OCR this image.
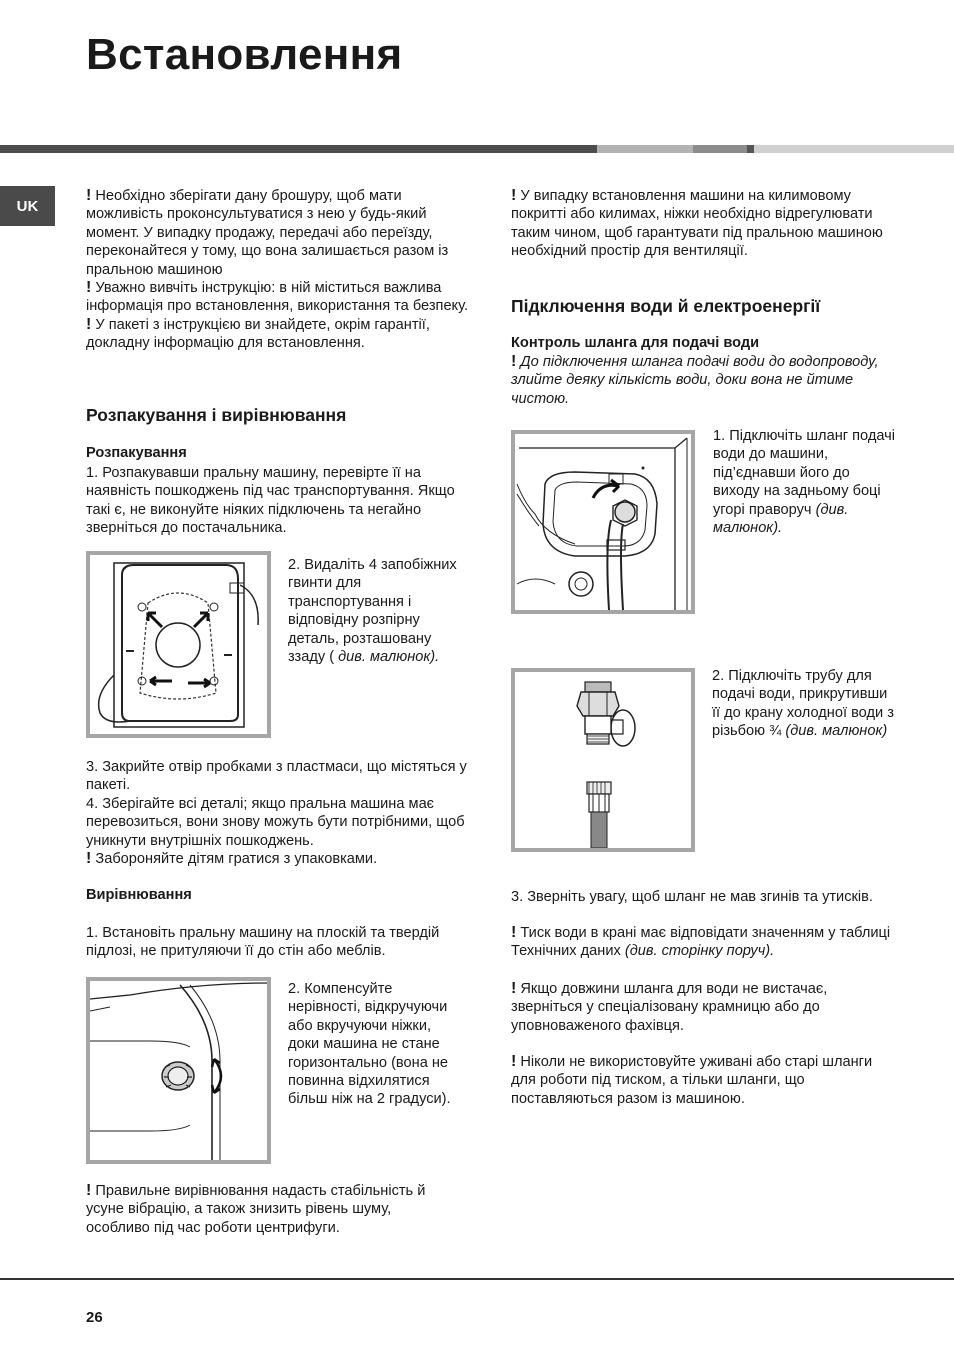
Встановлення
UK

! Необхідно зберігати дану брошуру, щоб мати можливість проконсультуватися з нею у будь-який момент. У випадку продажу, передачі або переїзду, переконайтеся у тому, що вона залишається разом із пральною машиною

! Уважно вивчіть інструкцію: в ній міститься важлива інформація про встановлення, використання та безпеку.

! У пакеті з інструкцією ви знайдете, окрім гарантії, докладну інформацію для встановлення.

Розпакування і вирівнювання
Розпакування
1. Розпакувавши пральну машину, перевірте її на наявність пошкоджень під час транспортування. Якщо такі є, не виконуйте ніяких підключень та негайно зверніться до постачальника.
2. Видаліть 4 запобіжних гвинти для транспортування і відповідну розпірну деталь, розташовану ззаду ( див. малюнок).

3. Закрийте отвір пробками з пластмаси, що містяться у пакеті.

4. Зберігайте всі деталі; якщо пральна машина має перевозиться, вони знову можуть бути потрібними, щоб уникнути внутрішніх пошкоджень.

! Забороняйте дітям гратися з упаковками.

Вирівнювання
1. Встановіть пральну машину на плоскій та твердій підлозі, не притуляючи її до стін або меблів.
2. Компенсуйте нерівності, відкручуючи або вкручуючи ніжки, доки машина не стане горизонтально (вона не повинна відхилятися більш ніж на 2 градуси).
! Правильне вирівнювання надасть стабільність й усуне вібрацію, а також знизить рівень шуму, особливо під час роботи центрифуги.
! У випадку встановлення машини на килимовому покритті або килимах, ніжки необхідно відрегулювати таким чином, щоб гарантувати під пральною машиною необхідний простір для вентиляції.
Підключення води й електроенергії
Контроль шланга для подачі води
! До підключення шланга подачі води до водопроводу, злийте деяку кількість води, доки вона не йтиме чистою.
1. Підключіть шланг подачі води до машини, під’єднавши його до виходу на задньому боці угорі праворуч (див. малюнок).
2. Підключіть трубу для подачі води, прикрутивши її до крану холодної води з різьбою ¾ (див. малюнок)
3. Зверніть увагу, щоб шланг не мав згинів та утисків.
! Тиск води в крані має відповідати значенням у таблиці Технічних даних (див. сторінку поруч).
! Якщо довжини шланга для води не вистачає, зверніться у спеціалізовану крамницю або до уповноваженого фахівця.
! Ніколи не використовуйте уживані або старі шланги для роботи під тиском, а тільки шланги, що поставляються разом із машиною.
26
